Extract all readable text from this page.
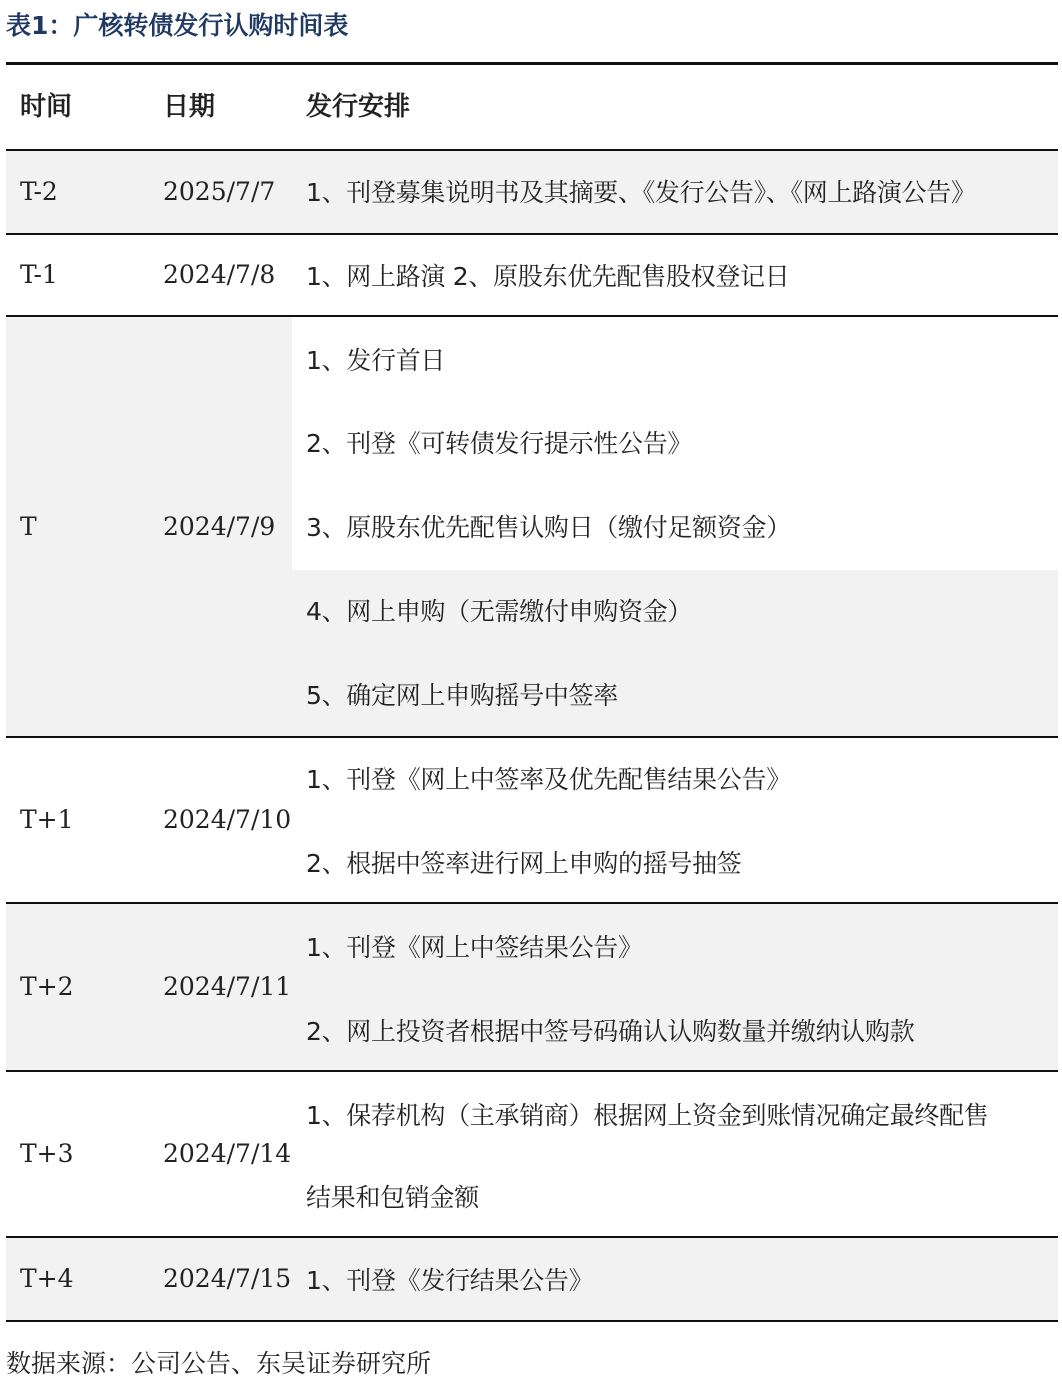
表1：广核转债发行认购时间表
时间	日期	发行安排
T-2	2025/7/7 1、刊登募集说明书及其摘要、《发行公告》、《网上路演公告》
T-1	2024/7/8 1、网上路演 2、原股东优先配售股权登记日
T	2024/7/9
1、发行首日
2、刊登《可转债发行提示性公告》
3、原股东优先配售认购日（缴付足额资金）
4、网上申购（无需缴付申购资金）
5、确定网上申购摇号中签率
T+1	2024/7/10
1、刊登《网上中签率及优先配售结果公告》
2、根据中签率进行网上申购的摇号抽签
T+2	2024/7/11
1、刊登《网上中签结果公告》
2、网上投资者根据中签号码确认认购数量并缴纳认购款
T+3	2024/7/14
1、保荐机构（主承销商）根据网上资金到账情况确定最终配售
结果和包销金额
T+4	2024/7/15 1、刊登《发行结果公告》
数据来源：公司公告、东吴证券研究所
